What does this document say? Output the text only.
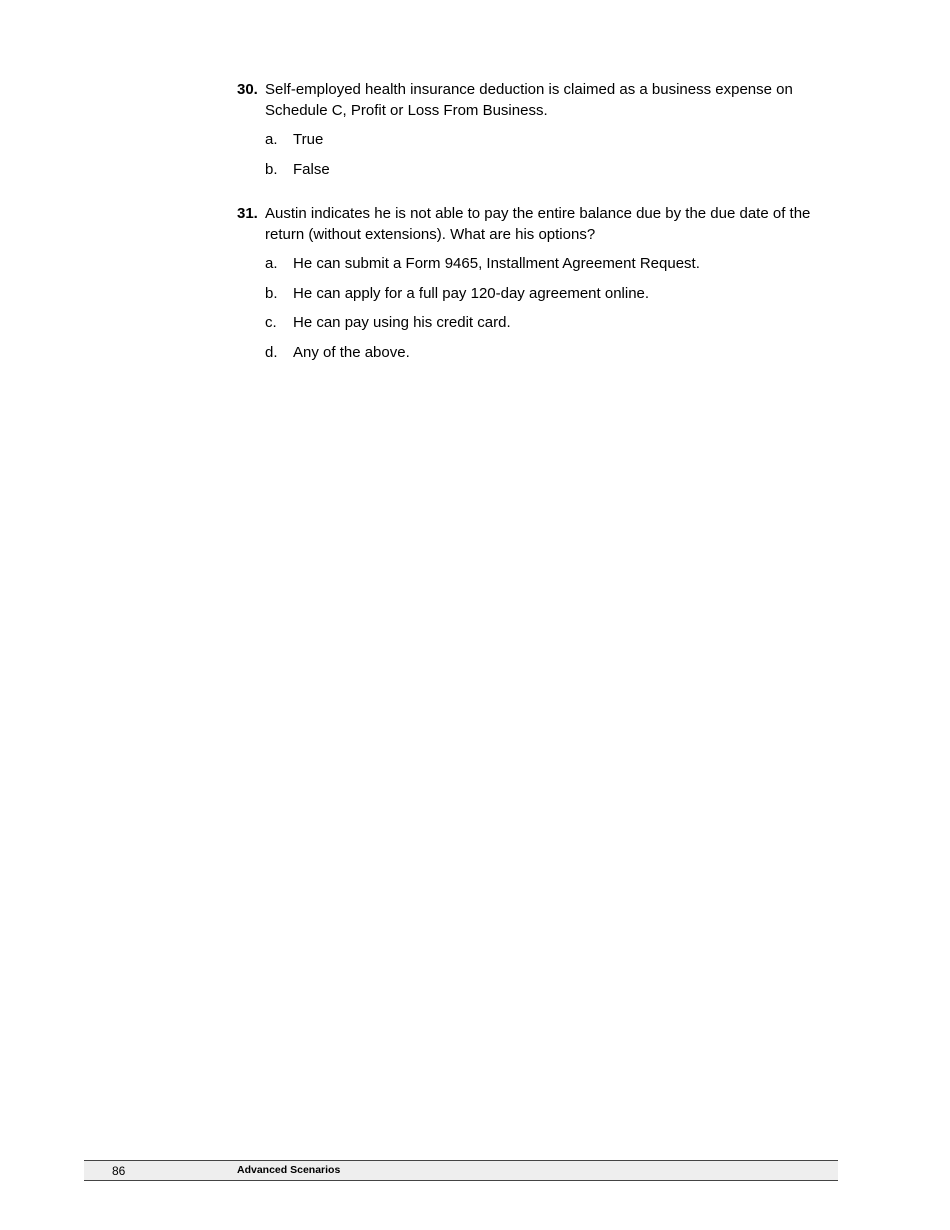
30. Self-employed health insurance deduction is claimed as a business expense on Schedule C, Profit or Loss From Business.
a. True
b. False
31. Austin indicates he is not able to pay the entire balance due by the due date of the return (without extensions). What are his options?
a. He can submit a Form 9465, Installment Agreement Request.
b. He can apply for a full pay 120-day agreement online.
c. He can pay using his credit card.
d. Any of the above.
86	Advanced Scenarios
